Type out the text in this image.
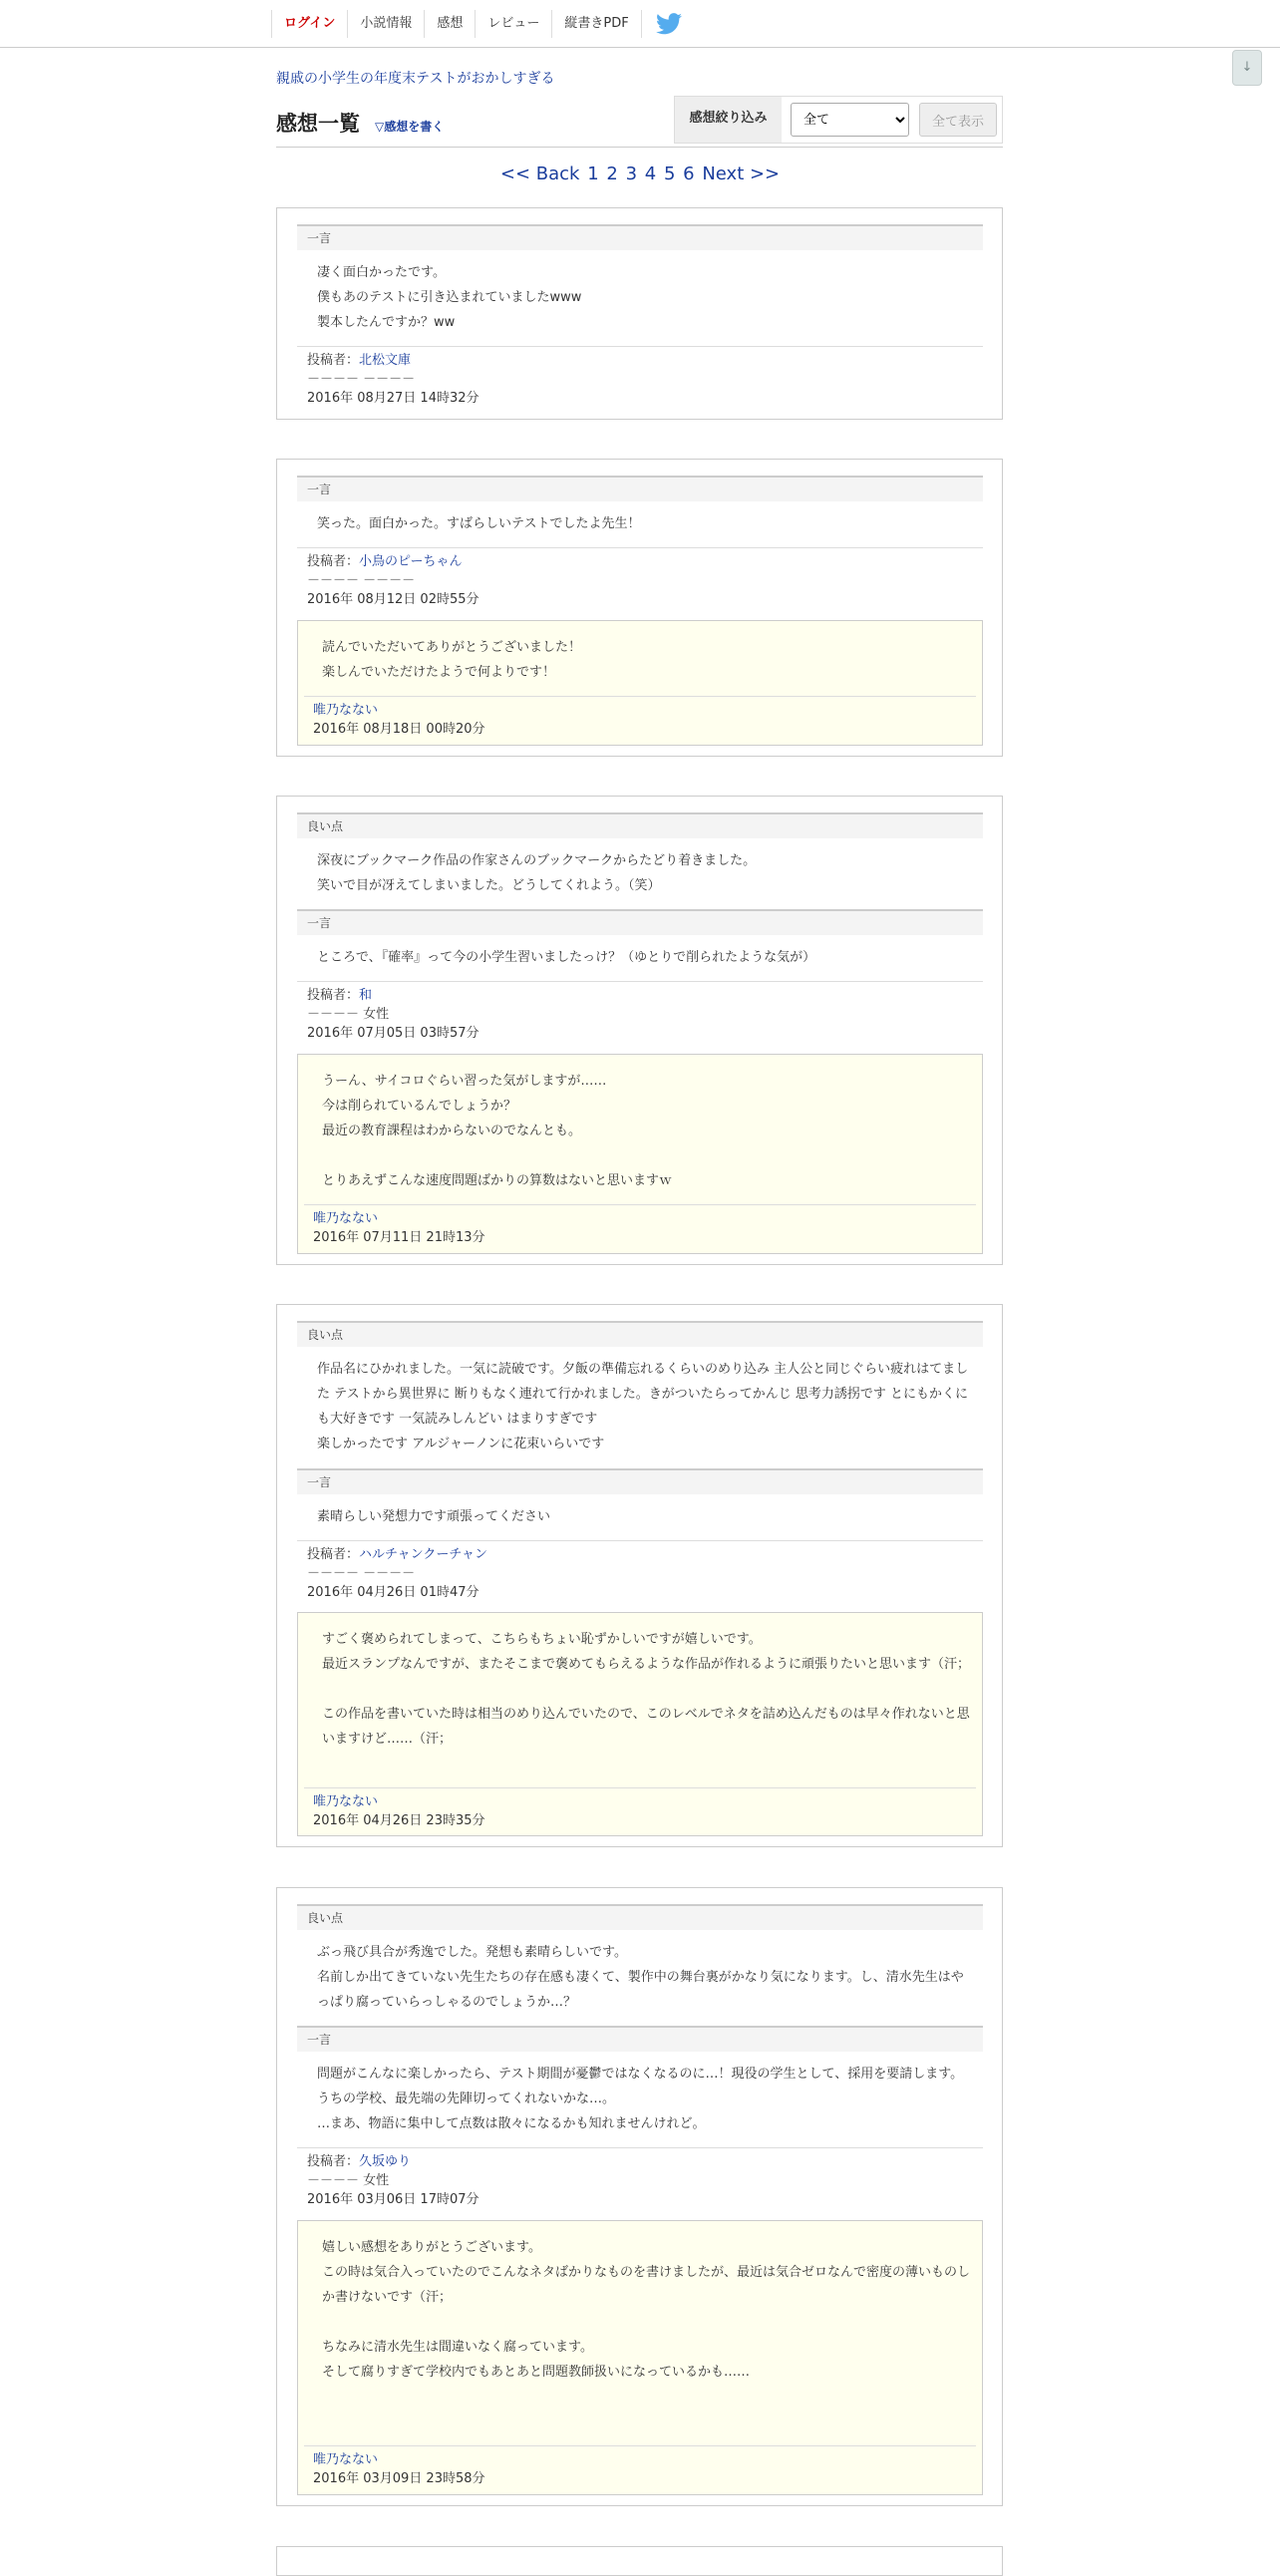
ログイン	小説情報	感想	レビュー	縦書きPDF
↓
親戚の小学生の年度末テストがおかしすぎる
感想一覧 ▽感想を書く
感想絞り込み
全て	全て表示
<< Back 1 2 3 4 5 6 Next >>
一言
凄く面白かったです。
僕もあのテストに引き込まれていましたwww
製本したんですか？ww
投稿者：北松文庫
－－－－ －－－－
2016年 08月27日 14時32分
一言
笑った。面白かった。すばらしいテストでしたよ先生！
投稿者：小鳥のピーちゃん
－－－－ －－－－
2016年 08月12日 02時55分
読んでいただいてありがとうございました！
楽しんでいただけたようで何よりです！
唯乃なない
2016年 08月18日 00時20分
良い点
深夜にブックマーク作品の作家さんのブックマークからたどり着きました。
笑いで目が冴えてしまいました。どうしてくれよう。（笑）
一言
ところで、『確率』って今の小学生習いましたっけ？（ゆとりで削られたような気が）
投稿者：和
－－－－ 女性
2016年 07月05日 03時57分
うーん、サイコロぐらい習った気がしますが……
今は削られているんでしょうか？
最近の教育課程はわからないのでなんとも。

とりあえずこんな速度問題ばかりの算数はないと思いますｗ
唯乃なない
2016年 07月11日 21時13分
良い点
作品名にひかれました。一気に読破です。夕飯の準備忘れるくらいのめり込み 主人公と同じぐらい疲れはてました テストから異世界に 断りもなく連れて行かれました。きがついたらってかんじ 思考力誘拐です とにもかくにも大好きです 一気読みしんどい はまりすぎです
楽しかったです アルジャーノンに花束いらいです
一言
素晴らしい発想力です頑張ってください
投稿者：ハルチャンクーチャン
－－－－ －－－－
2016年 04月26日 01時47分
すごく褒められてしまって、こちらもちょい恥ずかしいですが嬉しいです。
最近スランプなんですが、またそこまで褒めてもらえるような作品が作れるように頑張りたいと思います（汗；

この作品を書いていた時は相当のめり込んでいたので、このレベルでネタを詰め込んだものは早々作れないと思いますけど……（汗；
唯乃なない
2016年 04月26日 23時35分
良い点
ぶっ飛び具合が秀逸でした。発想も素晴らしいです。
名前しか出てきていない先生たちの存在感も凄くて、製作中の舞台裏がかなり気になります。し、清水先生はやっぱり腐っていらっしゃるのでしょうか…？
一言
問題がこんなに楽しかったら、テスト期間が憂鬱ではなくなるのに…！現役の学生として、採用を要請します。うちの学校、最先端の先陣切ってくれないかな…。
…まあ、物語に集中して点数は散々になるかも知れませんけれど。
投稿者：久坂ゆり
－－－－ 女性
2016年 03月06日 17時07分
嬉しい感想をありがとうございます。
この時は気合入っていたのでこんなネタばかりなものを書けましたが、最近は気合ゼロなんで密度の薄いものしか書けないです（汗；

ちなみに清水先生は間違いなく腐っています。
そして腐りすぎて学校内でもあとあと問題教師扱いになっているかも……
唯乃なない
2016年 03月09日 23時58分
